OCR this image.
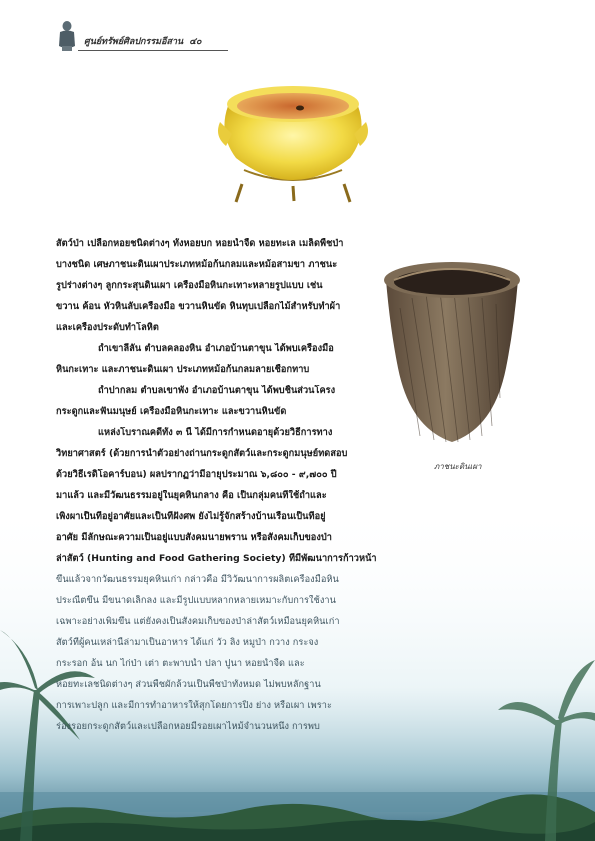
ศูนย์ทรัพย์ศิลปกรรมอีสาน ๔๐
ภาชนะดินเผา
สัตว์ป่า เปลือกหอยชนิดต่างๆ ทั้งหอยบก หอยน้ำจืด หอยทะเล เมล็ดพืชป่า
บางชนิด เศษภาชนะดินเผาประเภทหม้อก้นกลมและหม้อสามขา ภาชนะ
รูปร่างต่างๆ ลูกกระสุนดินเผา เครื่องมือหินกะเทาะหลายรูปแบบ เช่น
ขวาน ค้อน หัวหินลับเครื่องมือ ขวานหินขัด หินทุบเปลือกไม้สำหรับทำผ้า
และเครื่องประดับทำโลหิต
ถ้ำเขาลีลัน ตำบลคลองหิน อำเภอบ้านตาขุน ได้พบเครื่องมือ
หินกะเทาะ และภาชนะดินเผา ประเภทหม้อก้นกลมลายเชือกทาบ
ถ้ำปากลม ตำบลเขาพัง อำเภอบ้านตาขุน ได้พบชิ้นส่วนโครง
กระดูกและฟันมนุษย์ เครื่องมือหินกะเทาะ และขวานหินขัด
แหล่งโบราณคดีทั้ง ๓ นี้ ได้มีการกำหนดอายุด้วยวิธีการทาง
วิทยาศาสตร์ (ด้วยการนำตัวอย่างถ่านกระดูกสัตว์และกระดูกมนุษย์ทดสอบ
ด้วยวิธีเรดิโอคาร์บอน) ผลปรากฏว่ามีอายุประมาณ ๖,๘๐๐ - ๙,๗๐๐ ปี
มาแล้ว และมีวัฒนธรรมอยู่ในยุคหินกลาง คือ เป็นกลุ่มคนที่ใช้ถ้ำและ
เพิงผาเป็นที่อยู่อาศัยและเป็นที่ฝังศพ ยังไม่รู้จักสร้างบ้านเรือนเป็นที่อยู่
อาศัย มีลักษณะความเป็นอยู่แบบสังคมนายพราน หรือสังคมเก็บของป่า
ล่าสัตว์ (Hunting and Food Gathering Society) ที่มีพัฒนาการก้าวหน้า
ขึ้นแล้วจากวัฒนธรรมยุคหินเก่า กล่าวคือ มีวิวัฒนาการผลิตเครื่องมือหิน
ประณีตขึ้น มีขนาดเล็กลง และมีรูปแบบหลากหลายเหมาะกับการใช้งาน
เฉพาะอย่างเพิ่มขึ้น แต่ยังคงเป็นสังคมเก็บของป่าล่าสัตว์เหมือนยุคหินเก่า
สัตว์ที่ผู้คนเหล่านี้ล่ามาเป็นอาหาร ได้แก่ วัว ลิง หมูป่า กวาง กระจง
กระรอก อ้น นก ไก่ป่า เต่า ตะพาบน้ำ ปลา ปูนา หอยน้ำจืด และ
หอยทะเลชนิดต่างๆ ส่วนพืชผักล้วนเป็นพืชป่าทั้งหมด ไม่พบหลักฐาน
การเพาะปลูก และมีการทำอาหารให้สุกโดยการปิ้ง ย่าง หรือเผา เพราะ
ร่องรอยกระดูกสัตว์และเปลือกหอยมีรอยเผาไหม้จำนวนหนึ่ง การพบ
